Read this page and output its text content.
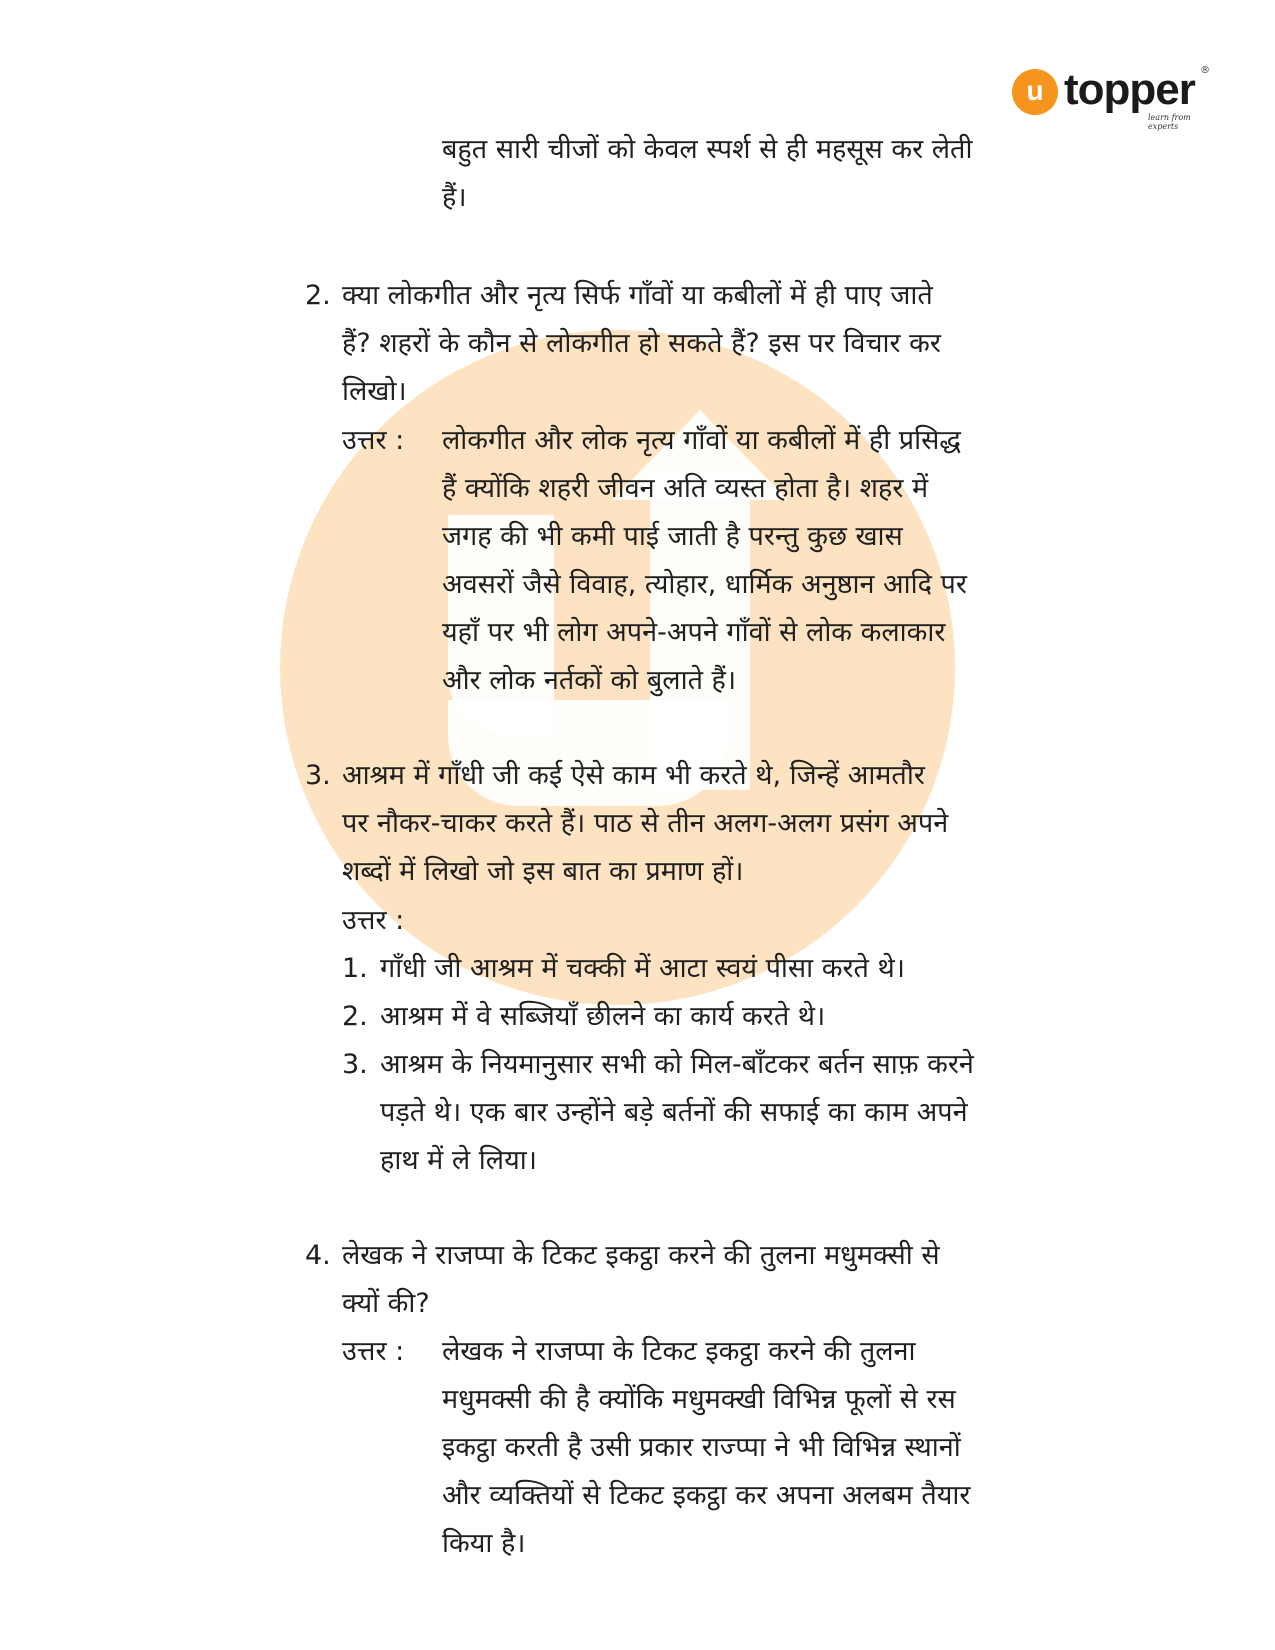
u topper ®
learn from experts
बहुत सारी चीजों को केवल स्पर्श से ही महसूस कर लेती
हैं।
2. क्या लोकगीत और नृत्य सिर्फ गाँवों या कबीलों में ही पाए जाते
हैं? शहरों के कौन से लोकगीत हो सकते हैं? इस पर विचार कर
लिखो।
उत्तर : लोकगीत और लोक नृत्य गाँवों या कबीलों में ही प्रसिद्ध
हैं क्योंकि शहरी जीवन अति व्यस्त होता है। शहर में
जगह की भी कमी पाई जाती है परन्तु कुछ खास
अवसरों जैसे विवाह, त्योहार, धार्मिक अनुष्ठान आदि पर
यहाँ पर भी लोग अपने-अपने गाँवों से लोक कलाकार
और लोक नर्तकों को बुलाते हैं।
3. आश्रम में गाँधी जी कई ऐसे काम भी करते थे, जिन्हें आमतौर
पर नौकर-चाकर करते हैं। पाठ से तीन अलग-अलग प्रसंग अपने
शब्दों में लिखो जो इस बात का प्रमाण हों।
उत्तर :
1. गाँधी जी आश्रम में चक्की में आटा स्वयं पीसा करते थे।
2. आश्रम में वे सब्जियाँ छीलने का कार्य करते थे।
3. आश्रम के नियमानुसार सभी को मिल-बाँटकर बर्तन साफ़ करने
पड़ते थे। एक बार उन्होंने बड़े बर्तनों की सफाई का काम अपने
हाथ में ले लिया।
4. लेखक ने राजप्पा के टिकट इकट्ठा करने की तुलना मधुमक्सी से
क्यों की?
उत्तर : लेखक ने राजप्पा के टिकट इकट्ठा करने की तुलना
मधुमक्सी की है क्योंकि मधुमक्खी विभिन्न फूलों से रस
इकट्ठा करती है उसी प्रकार राज्प्पा ने भी विभिन्न स्थानों
और व्यक्तियों से टिकट इकट्ठा कर अपना अलबम तैयार
किया है।
